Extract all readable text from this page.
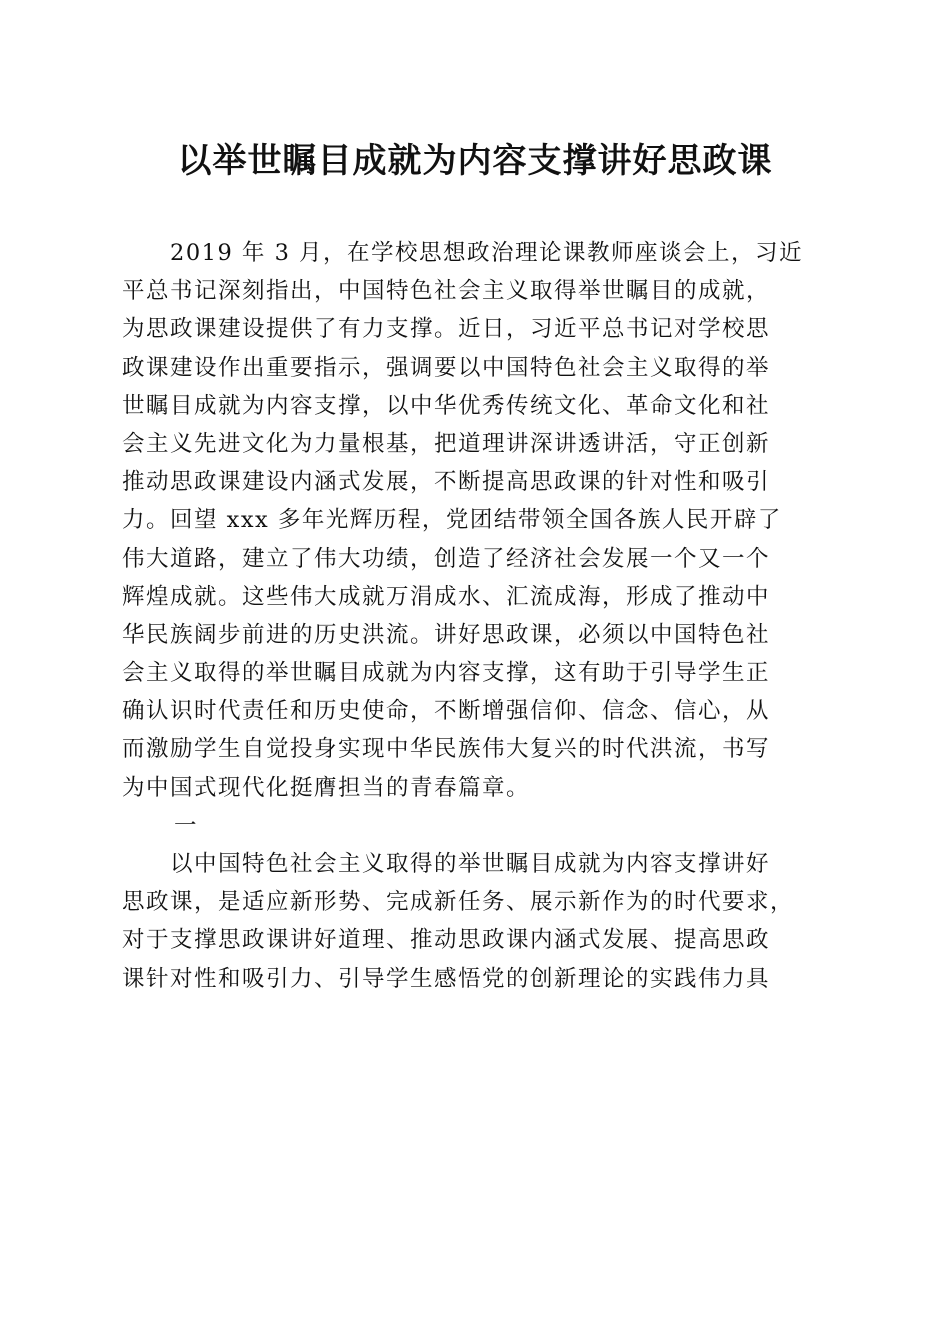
以举世瞩目成就为内容支撑讲好思政课
2019 年 3 月，在学校思想政治理论课教师座谈会上，习近
平总书记深刻指出，中国特色社会主义取得举世瞩目的成就，
为思政课建设提供了有力支撑。近日，习近平总书记对学校思
政课建设作出重要指示，强调要以中国特色社会主义取得的举
世瞩目成就为内容支撑，以中华优秀传统文化、革命文化和社
会主义先进文化为力量根基，把道理讲深讲透讲活，守正创新
推动思政课建设内涵式发展，不断提高思政课的针对性和吸引
力。回望 xxx 多年光辉历程，党团结带领全国各族人民开辟了
伟大道路，建立了伟大功绩，创造了经济社会发展一个又一个
辉煌成就。这些伟大成就万涓成水、汇流成海，形成了推动中
华民族阔步前进的历史洪流。讲好思政课，必须以中国特色社
会主义取得的举世瞩目成就为内容支撑，这有助于引导学生正
确认识时代责任和历史使命，不断增强信仰、信念、信心，从
而激励学生自觉投身实现中华民族伟大复兴的时代洪流，书写
为中国式现代化挺膺担当的青春篇章。
一
以中国特色社会主义取得的举世瞩目成就为内容支撑讲好
思政课，是适应新形势、完成新任务、展示新作为的时代要求，
对于支撑思政课讲好道理、推动思政课内涵式发展、提高思政
课针对性和吸引力、引导学生感悟党的创新理论的实践伟力具
